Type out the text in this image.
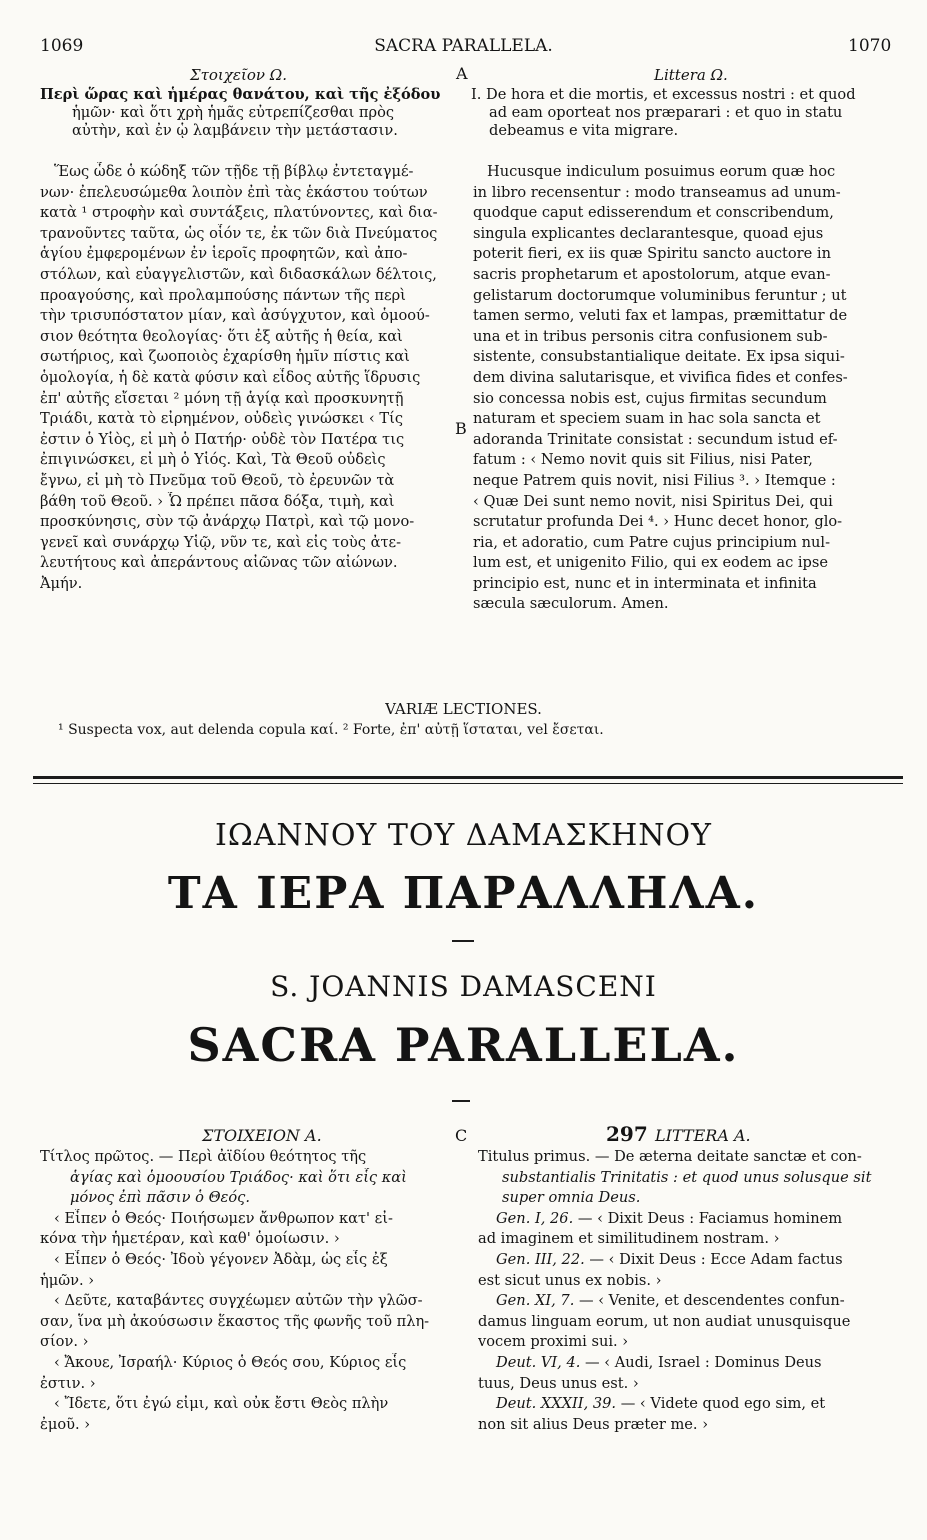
1069	SACRA PARALLELA.	1070
Στοιχεῖον Ω.	A	Littera Ω.
Περὶ ὥρας καὶ ἡμέρας θανάτου, καὶ τῆς ἐξόδου
ἡμῶν· καὶ ὅτι χρὴ ἡμᾶς εὐτρεπίζεσθαι πρὸς
αὐτὴν, καὶ ἐν ᾧ λαμβάνειν τὴν μετάστασιν.
I. De hora et die mortis, et excessus nostri : et quod
ad eam oporteat nos præparari : et quo in statu
debeamus e vita migrare.
Ἕως ὧδε ὁ κώδηξ τῶν τῇδε τῇ βίβλῳ ἐντεταγμέ-
νων· ἐπελευσώμεθα λοιπὸν ἐπὶ τὰς ἑκάστου τούτων
κατὰ ¹ στροφὴν καὶ συντάξεις, πλατύνοντες, καὶ δια-
τρανοῦντες ταῦτα, ὡς οἷόν τε, ἐκ τῶν διὰ Πνεύματος
ἁγίου ἐμφερομένων ἐν ἱεροῖς προφητῶν, καὶ ἀπο-
στόλων, καὶ εὐαγγελιστῶν, καὶ διδασκάλων δέλτοις,
προαγούσης, καὶ προλαμπούσης πάντων τῆς περὶ
τὴν τρισυπόστατον μίαν, καὶ ἀσύγχυτον, καὶ ὁμοού-
σιον θεότητα θεολογίας· ὅτι ἐξ αὐτῆς ἡ θεία, καὶ
σωτήριος, καὶ ζωοποιὸς ἐχαρίσθη ἡμῖν πίστις καὶ
ὁμολογία, ἡ δὲ κατὰ φύσιν καὶ εἶδος αὐτῆς ἵδρυσις
ἐπ' αὐτῆς εἴσεται ² μόνη τῇ ἁγίᾳ καὶ προσκυνητῇ
Τριάδι, κατὰ τὸ εἰρημένον, οὐδεὶς γινώσκει ‹ Τίς
ἐστιν ὁ Υἱὸς, εἰ μὴ ὁ Πατήρ· οὐδὲ τὸν Πατέρα τις
ἐπιγινώσκει, εἰ μὴ ὁ Υἱός. Καὶ, Τὰ Θεοῦ οὐδεὶς
ἔγνω, εἰ μὴ τὸ Πνεῦμα τοῦ Θεοῦ, τὸ ἐρευνῶν τὰ
βάθη τοῦ Θεοῦ. › Ὧ πρέπει πᾶσα δόξα, τιμὴ, καὶ
προσκύνησις, σὺν τῷ ἀνάρχῳ Πατρὶ, καὶ τῷ μονο-
γενεῖ καὶ συνάρχῳ Υἱῷ, νῦν τε, καὶ εἰς τοὺς ἀτε-
λευτήτους καὶ ἀπεράντους αἰῶνας τῶν αἰώνων.
Ἀμήν.
B
Hucusque indiculum posuimus eorum quæ hoc
in libro recensentur : modo transeamus ad unum-
quodque caput edisserendum et conscribendum,
singula explicantes declarantesque, quoad ejus
poterit fieri, ex iis quæ Spiritu sancto auctore in
sacris prophetarum et apostolorum, atque evan-
gelistarum doctorumque voluminibus feruntur ; ut
tamen sermo, veluti fax et lampas, præmittatur de
una et in tribus personis citra confusionem sub-
sistente, consubstantialique deitate. Ex ipsa siqui-
dem divina salutarisque, et vivifica fides et confes-
sio concessa nobis est, cujus firmitas secundum
naturam et speciem suam in hac sola sancta et
adoranda Trinitate consistat : secundum istud ef-
fatum : ‹ Nemo novit quis sit Filius, nisi Pater,
neque Patrem quis novit, nisi Filius ³. › Itemque :
‹ Quæ Dei sunt nemo novit, nisi Spiritus Dei, qui
scrutatur profunda Dei ⁴. › Hunc decet honor, glo-
ria, et adoratio, cum Patre cujus principium nul-
lum est, et unigenito Filio, qui ex eodem ac ipse
principio est, nunc et in interminata et infinita
sæcula sæculorum. Amen.
VARIÆ LECTIONES.
¹ Suspecta vox, aut delenda copula καί. ² Forte, ἐπ' αὐτῇ ἵσταται, vel ἔσεται.
ΙΩΑΝΝΟΥ ΤΟΥ ΔΑΜΑΣΚΗΝΟΥ
ΤΑ ΙΕΡΑ ΠΑΡΑΛΛΗΛΑ.
S. JOANNIS DAMASCENI
SACRA PARALLELA.
ΣΤΟΙΧΕΙΟΝ Α.	C	297 LITTERA A.
Τίτλος πρῶτος. — Περὶ ἀϊδίου θεότητος τῆς
ἁγίας καὶ ὁμοουσίου Τριάδος· καὶ ὅτι εἷς καὶ
μόνος ἐπὶ πᾶσιν ὁ Θεός.
‹ Εἶπεν ὁ Θεός· Ποιήσωμεν ἄνθρωπον κατ' εἰ-
κόνα τὴν ἡμετέραν, καὶ καθ' ὁμοίωσιν. ›
‹ Εἶπεν ὁ Θεός· Ἰδοὺ γέγονεν Ἀδὰμ, ὡς εἷς ἐξ
ἡμῶν. ›
‹ Δεῦτε, καταβάντες συγχέωμεν αὐτῶν τὴν γλῶσ-
σαν, ἵνα μὴ ἀκούσωσιν ἕκαστος τῆς φωνῆς τοῦ πλη-
σίον. ›
‹ Ἄκουε, Ἰσραήλ· Κύριος ὁ Θεός σου, Κύριος εἷς
ἐστιν. ›
‹ Ἴδετε, ὅτι ἐγώ εἰμι, καὶ οὐκ ἔστι Θεὸς πλὴν
ἐμοῦ. ›
Titulus primus. — De æterna deitate sanctæ et con-
substantialis Trinitatis : et quod unus solusque sit
super omnia Deus.
Gen. I, 26. — ‹ Dixit Deus : Faciamus hominem
ad imaginem et similitudinem nostram. ›
Gen. III, 22. — ‹ Dixit Deus : Ecce Adam factus
est sicut unus ex nobis. ›
Gen. XI, 7. — ‹ Venite, et descendentes confun-
damus linguam eorum, ut non audiat unusquisque
vocem proximi sui. ›
Deut. VI, 4. — ‹ Audi, Israel : Dominus Deus
tuus, Deus unus est. ›
Deut. XXXII, 39. — ‹ Videte quod ego sim, et
non sit alius Deus præter me. ›
